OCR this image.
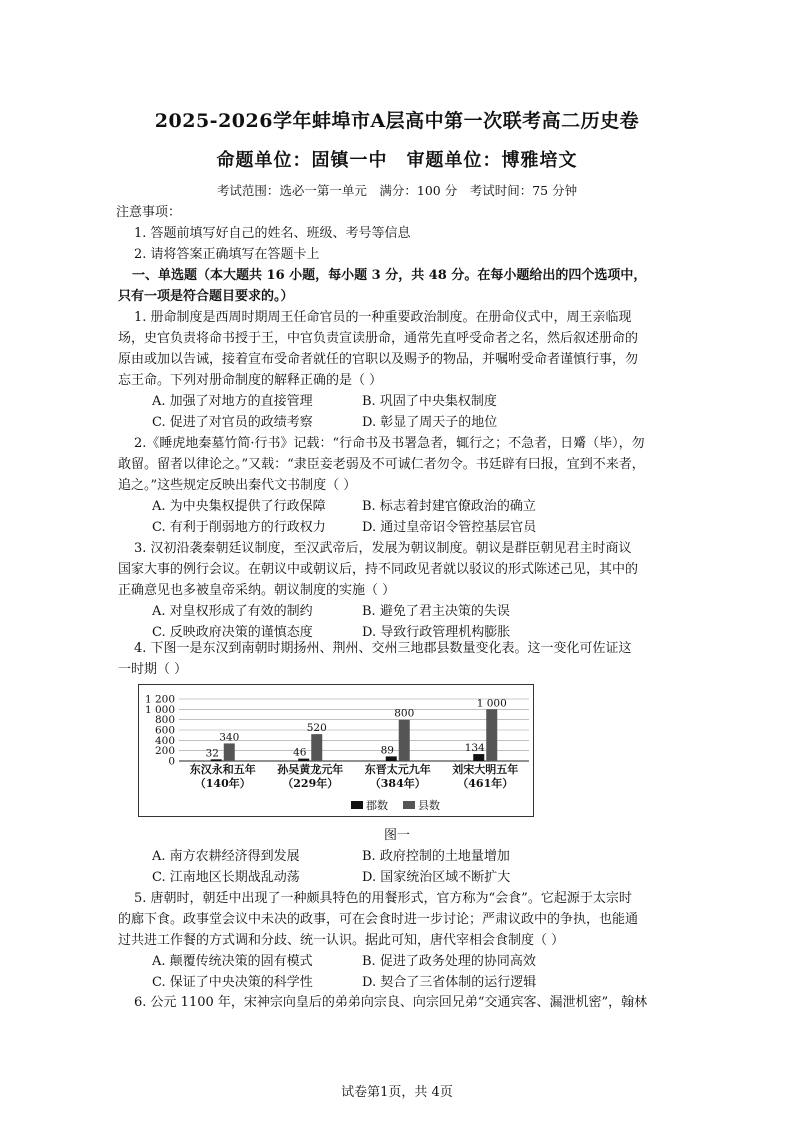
2025-2026学年蚌埠市A层高中第一次联考高二历史卷
命题单位：固镇一中　审题单位：博雅培文
考试范围：选必一第一单元　满分：100 分　考试时间：75 分钟
注意事项：
1. 答题前填写好自己的姓名、班级、考号等信息
2. 请将答案正确填写在答题卡上
一、单选题（本大题共 16 小题，每小题 3 分，共 48 分。在每小题给出的四个选项中，
只有一项是符合题目要求的。）
1. 册命制度是西周时期周王任命官员的一种重要政治制度。在册命仪式中，周王亲临现
场，史官负责将命书授于王，中官负责宣读册命，通常先直呼受命者之名，然后叙述册命的
原由或加以告诫，接着宣布受命者就任的官职以及赐予的物品，并嘱咐受命者谨慎行事，勿
忘王命。下列对册命制度的解释正确的是（ ）
A. 加强了对地方的直接管理	B. 巩固了中央集权制度
C. 促进了对官员的政绩考察	D. 彰显了周天子的地位
2.《睡虎地秦墓竹简·行书》记载：“行命书及书署急者，辄行之；不急者，日觱（毕），勿
敢留。留者以律论之。”又载：“隶臣妾老弱及不可诚仁者勿令。书廷辟有曰报，宜到不来者，
追之。”这些规定反映出秦代文书制度（ ）
A. 为中央集权提供了行政保障	B. 标志着封建官僚政治的确立
C. 有利于削弱地方的行政权力	D. 通过皇帝诏令管控基层官员
3. 汉初沿袭秦朝廷议制度，至汉武帝后，发展为朝议制度。朝议是群臣朝见君主时商议
国家大事的例行会议。在朝议中或朝议后，持不同政见者就以驳议的形式陈述己见，其中的
正确意见也多被皇帝采纳。朝议制度的实施（ ）
A. 对皇权形成了有效的制约	B. 避免了君主决策的失误
C. 反映政府决策的谨慎态度	D. 导致行政管理机构膨胀
4. 下图一是东汉到南朝时期扬州、荆州、交州三地郡县数量变化表。这一变化可佐证这
一时期（ ）
0
200
400
600
800
1 000
1 200
32
340
46
520
89
800
134
1 000
东汉永和五年
（140年）
孙吴黄龙元年
（229年）
东晋太元九年
（384年）
刘宋大明五年
（461年）
郡数	县数
图一
A. 南方农耕经济得到发展	B. 政府控制的土地量增加
C. 江南地区长期战乱动荡	D. 国家统治区域不断扩大
5. 唐朝时，朝廷中出现了一种颇具特色的用餐形式，官方称为“会食”。它起源于太宗时
的廊下食。政事堂会议中未决的政事，可在会食时进一步讨论；严肃议政中的争执，也能通
过共进工作餐的方式调和分歧、统一认识。据此可知，唐代宰相会食制度（ ）
A. 颠覆传统决策的固有模式	B. 促进了政务处理的协同高效
C. 保证了中央决策的科学性	D. 契合了三省体制的运行逻辑
6. 公元 1100 年，宋神宗向皇后的弟弟向宗良、向宗回兄弟“交通宾客、漏泄机密”，翰林
试卷第1页，共 4页
